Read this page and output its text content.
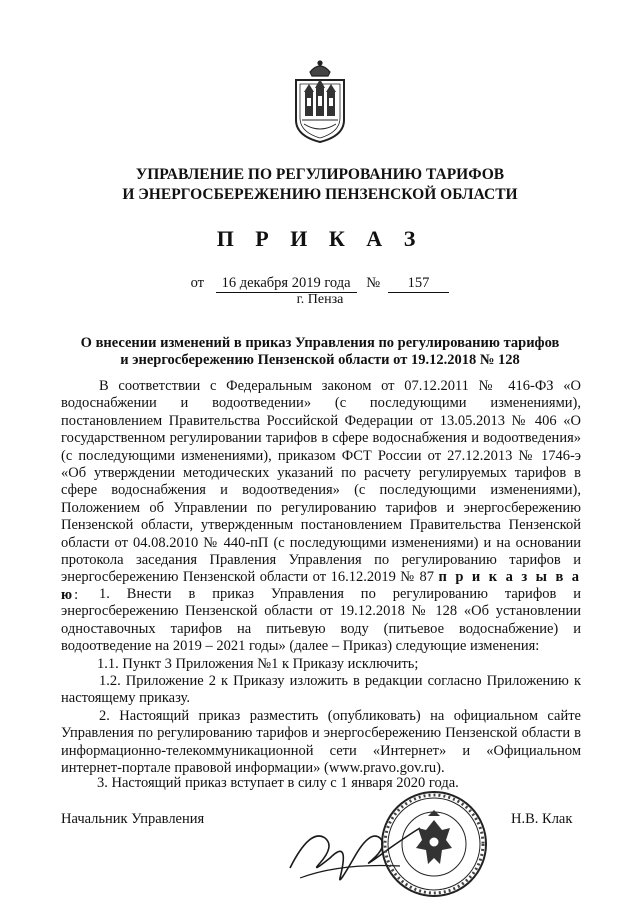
УПРАВЛЕНИЕ ПО РЕГУЛИРОВАНИЮ ТАРИФОВ
И ЭНЕРГОСБЕРЕЖЕНИЮ ПЕНЗЕНСКОЙ ОБЛАСТИ
П Р И К А З
от 16 декабря 2019 года № 157
г. Пенза
О внесении изменений в приказ Управления по регулированию тарифов
и энергосбережению Пензенской области от 19.12.2018 № 128
В соответствии с Федеральным законом от 07.12.2011 № 416-ФЗ «О водоснабжении и водоотведении» (с последующими изменениями), постановлением Правительства Российской Федерации от 13.05.2013 № 406 «О государственном регулировании тарифов в сфере водоснабжения и водоотведения» (с последующими изменениями), приказом ФСТ России от 27.12.2013 № 1746-э «Об утверждении методических указаний по расчету регулируемых тарифов в сфере водоснабжения и водоотведения» (с последующими изменениями), Положением об Управлении по регулированию тарифов и энергосбережению Пензенской области, утвержденным постановлением Правительства Пензенской области от 04.08.2010 № 440-пП (с последующими изменениями) и на основании протокола заседания Правления Управления по регулированию тарифов и энергосбережению Пензенской области от 16.12.2019 № 87 п р и к а з ы в а ю:	1. Внести в приказ Управления по регулированию тарифов и энергосбережению Пензенской области от 19.12.2018 № 128 «Об установлении одноставочных тарифов на питьевую воду (питьевое водоснабжение) и водоотведение на 2019 – 2021 годы» (далее – Приказ) следующие изменения:
1.1. Пункт 3 Приложения №1 к Приказу исключить;
1.2. Приложение 2 к Приказу изложить в редакции согласно Приложению к настоящему приказу.
2. Настоящий приказ разместить (опубликовать) на официальном сайте Управления по регулированию тарифов и энергосбережению Пензенской области в информационно-телекоммуникационной сети «Интернет» и «Официальном интернет-портале правовой информации» (www.pravo.gov.ru).
3. Настоящий приказ вступает в силу с 1 января 2020 года.
Начальник Управления	Н.В. Клак
